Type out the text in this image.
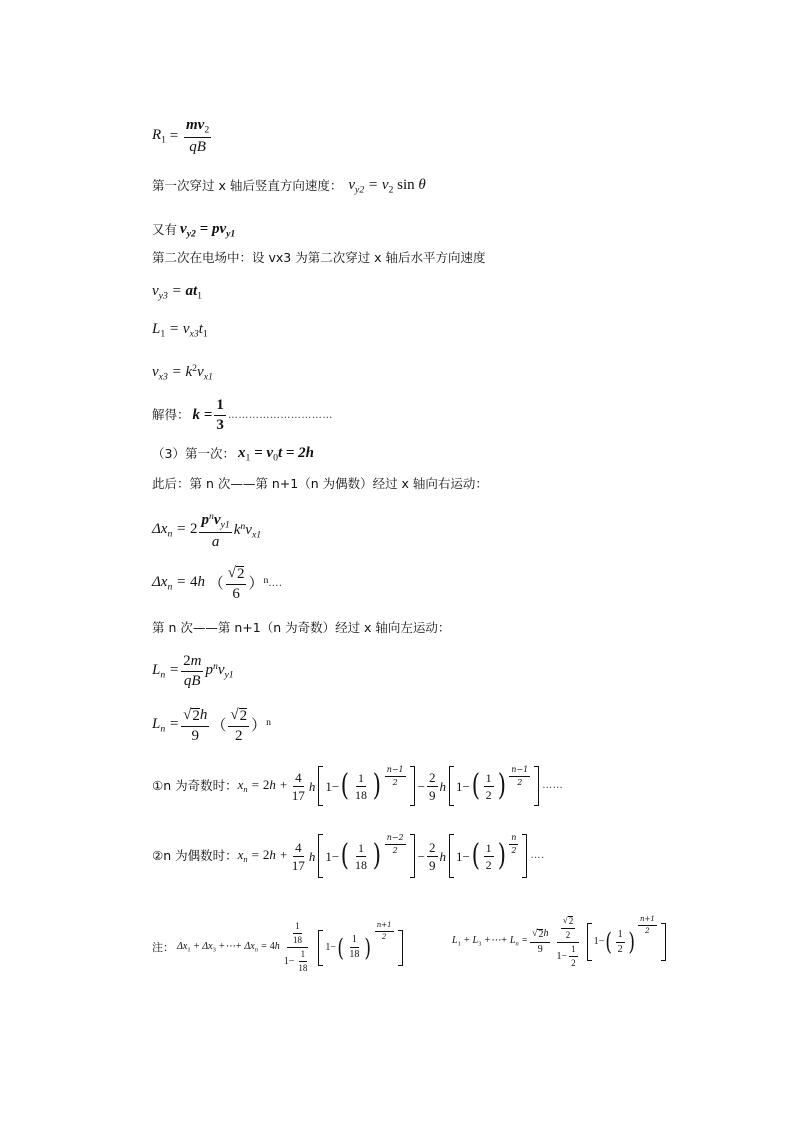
$R_1 = \frac{mv_2}{qB}$
第一次穿过 x 轴后竖直方向速度： $v_{y2} = v_2$ sin θ
又有 $v_{y2} = pv_{y1}$
第二次在电场中：设 vx3 为第二次穿过 x 轴后水平方向速度
$v_{y3} = at_1$
$L_1 = v_{x3}t_1$
$v_{x3} = k^2v_{x1}$
解得： $k = \frac{1}{3}$ …………………………
（3）第一次： $x_1 = v_0t = 2h$
此后：第 n 次——第 n+1（n 为偶数）经过 x 轴向右运动：
$\Delta x_n = 2 \frac{p^nv_{y1}}{a} k^nv_{x1}$
$\Delta x_n = 4h$ （ $\frac{√ 2}{6} )^n$ ….
第 n 次——第 n+1（n 为奇数）经过 x 轴向左运动：
$L_n = \frac{2m}{qB} p^nv_{y1}$
$L_n = \frac{√ 2 h}{9}$ （ $\frac{√ 2}{2} )^n$
①n 为奇数时： $x_n = 2h + \frac{4}{17}$ h 1− ( $\frac{1}{18}$ ) $\frac{n-1}{2} - \frac{2}{9}$ h 1− ( $\frac{1}{2}$ ) $\frac{n-1}{2}$ ……
②n 为偶数时： $x_n = 2h + \frac{4}{17}$ h 1− ( $\frac{1}{18}$ ) $\frac{n-2}{2}$
− $\frac{2}{9}$ h 1− ( $\frac{1}{2}$ ) $\frac{n}{2}$
….
注： $\Delta x_1 + \Delta x_3$ +⋯+ $\Delta x_n = 4h \frac{\frac{1}{18}}{1- \frac{1}{18}} 1-$ ( $\frac{1}{18}$ )
$\frac{n+1}{2}$	$L_1 + L_3$ +⋯+ $L_n = \frac{√ 2 h}{9} \frac{\frac{√ 2}{2}}{1- \frac{1}{2}} 1-$ ( $\frac{1}{2}$ )
$\frac{n+1}{2}$
